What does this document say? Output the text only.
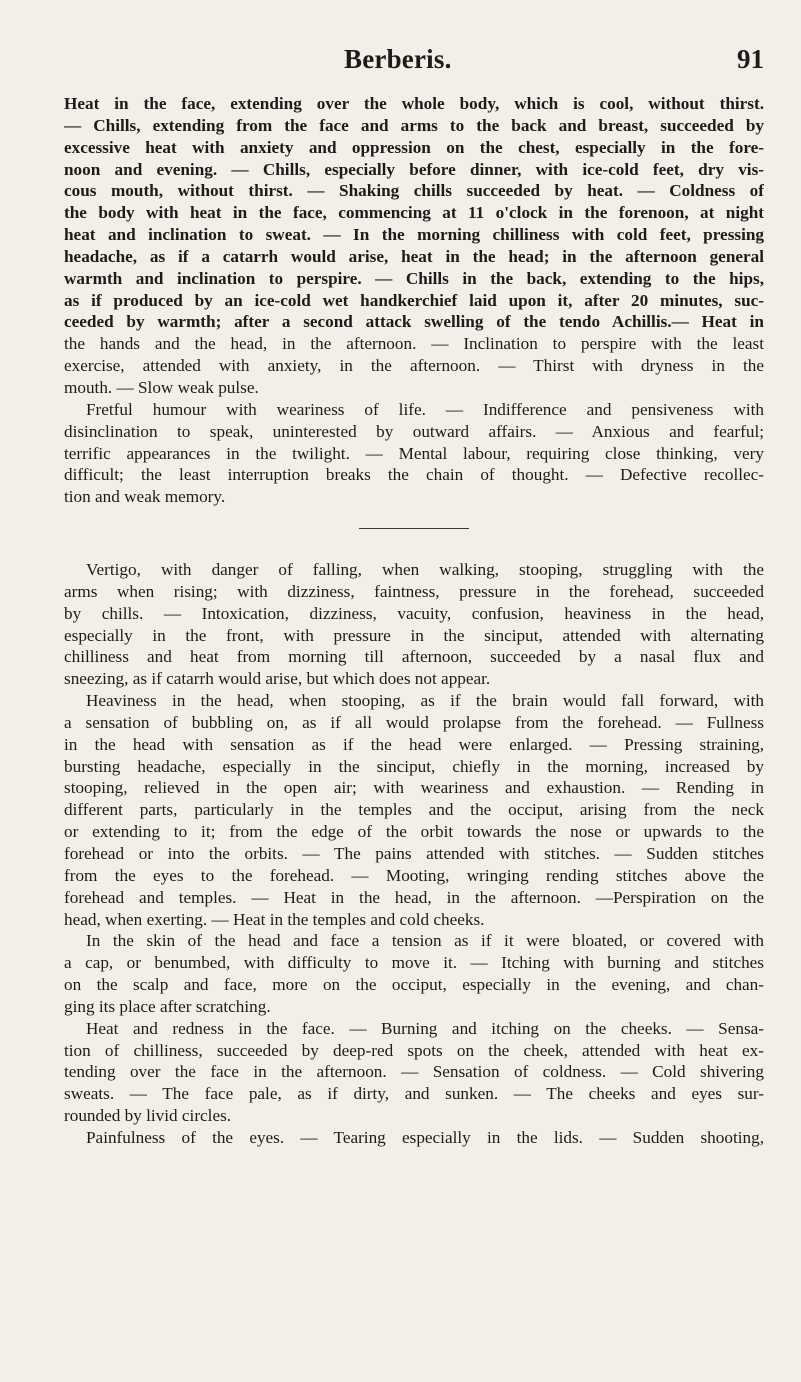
Berberis.	91
Heat in the face, extending over the whole body, which is cool, without thirst.
— Chills, extending from the face and arms to the back and breast, succeeded by
excessive heat with anxiety and oppression on the chest, especially in the fore-
noon and evening. — Chills, especially before dinner, with ice-cold feet, dry vis-
cous mouth, without thirst. — Shaking chills succeeded by heat. — Coldness of
the body with heat in the face, commencing at 11 o'clock in the forenoon, at night
heat and inclination to sweat. — In the morning chilliness with cold feet, pressing
headache, as if a catarrh would arise, heat in the head; in the afternoon general
warmth and inclination to perspire. — Chills in the back, extending to the hips,
as if produced by an ice-cold wet handkerchief laid upon it, after 20 minutes, suc-
ceeded by warmth; after a second attack swelling of the tendo Achillis.— Heat in
the hands and the head, in the afternoon. — Inclination to perspire with the least
exercise, attended with anxiety, in the afternoon. — Thirst with dryness in the
mouth. — Slow weak pulse.
Fretful humour with weariness of life. — Indifference and pensiveness with
disinclination to speak, uninterested by outward affairs. — Anxious and fearful;
terrific appearances in the twilight. — Mental labour, requiring close thinking, very
difficult; the least interruption breaks the chain of thought. — Defective recollec-
tion and weak memory.
Vertigo, with danger of falling, when walking, stooping, struggling with the
arms when rising; with dizziness, faintness, pressure in the forehead, succeeded
by chills. — Intoxication, dizziness, vacuity, confusion, heaviness in the head,
especially in the front, with pressure in the sinciput, attended with alternating
chilliness and heat from morning till afternoon, succeeded by a nasal flux and
sneezing, as if catarrh would arise, but which does not appear.
Heaviness in the head, when stooping, as if the brain would fall forward, with
a sensation of bubbling on, as if all would prolapse from the forehead. — Fullness
in the head with sensation as if the head were enlarged. — Pressing straining,
bursting headache, especially in the sinciput, chiefly in the morning, increased by
stooping, relieved in the open air; with weariness and exhaustion. — Rending in
different parts, particularly in the temples and the occiput, arising from the neck
or extending to it; from the edge of the orbit towards the nose or upwards to the
forehead or into the orbits. — The pains attended with stitches. — Sudden stitches
from the eyes to the forehead. — Mooting, wringing rending stitches above the
forehead and temples. — Heat in the head, in the afternoon. —Perspiration on the
head, when exerting. — Heat in the temples and cold cheeks.
In the skin of the head and face a tension as if it were bloated, or covered with
a cap, or benumbed, with difficulty to move it. — Itching with burning and stitches
on the scalp and face, more on the occiput, especially in the evening, and chan-
ging its place after scratching.
Heat and redness in the face. — Burning and itching on the cheeks. — Sensa-
tion of chilliness, succeeded by deep-red spots on the cheek, attended with heat ex-
tending over the face in the afternoon. — Sensation of coldness. — Cold shivering
sweats. — The face pale, as if dirty, and sunken. — The cheeks and eyes sur-
rounded by livid circles.
Painfulness of the eyes. — Tearing especially in the lids. — Sudden shooting,
